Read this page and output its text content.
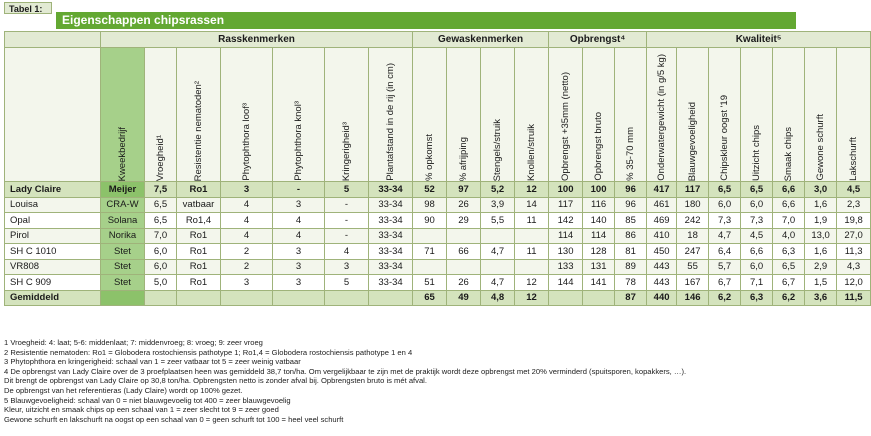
Tabel 1:
Eigenschappen chipsrassen
	Rasskenmerken							Gewaskenmerken				Opbrengst⁴			Kwaliteit⁵						

	Kweekbedrijf	Vroegheid¹	Resistentie nematoden²	Phytophthora loof³	Phytophthora knol³	Kringerigheid³	Plantafstand in de rij (in cm)	% opkomst	% afrijping	Stengels/struik	Knollen/struik	Opbrengst +35mm (netto)	Opbrengst bruto	% 35-70 mm	Onderwatergewicht (in g/5 kg)	Blauwgevoeligheid	Chipskleur oogst '19	Uitzicht chips	Smaak chips	Gewone schurft	Lakschurft

Lady Claire	Meijer	7,5	Ro1	3	-	5	33-34	52	97	5,2	12	100	100	96	417	117	6,5	6,5	6,6	3,0	4,5
Louisa	CRA-W	6,5	vatbaar	4	3	-	33-34	98	26	3,9	14	117	116	96	461	180	6,0	6,0	6,6	1,6	2,3
Opal	Solana	6,5	Ro1,4	4	4	-	33-34	90	29	5,5	11	142	140	85	469	242	7,3	7,3	7,0	1,9	19,8
Pirol	Norika	7,0	Ro1	4	4	-	33-34					114	114	86	410	18	4,7	4,5	4,0	13,0	27,0
SH C 1010	Stet	6,0	Ro1	2	3	4	33-34	71	66	4,7	11	130	128	81	450	247	6,4	6,6	6,3	1,6	11,3
VR808	Stet	6,0	Ro1	2	3	3	33-34					133	131	89	443	55	5,7	6,0	6,5	2,9	4,3
SH C 909	Stet	5,0	Ro1	3	3	5	33-34	51	26	4,7	12	144	141	78	443	167	6,7	7,1	6,7	1,5	12,0
Gemiddeld								65	49	4,8	12			87	440	146	6,2	6,3	6,2	3,6	11,5
1 Vroegheid: 4: laat; 5-6: middenlaat; 7: middenvroeg; 8: vroeg; 9: zeer vroeg
2 Resistentie nematoden: Ro1 = Globodera rostochiensis pathotype 1; Ro1,4 = Globodera rostochiensis pathotype 1 en 4
3 Phytophthora en kringerigheid: schaal van 1 = zeer vatbaar tot 5 = zeer weinig vatbaar
4 De opbrengst van Lady Claire over de 3 proefplaatsen heen was gemiddeld 38,7 ton/ha. Om vergelijkbaar te zijn met de praktijk wordt deze opbrengst met 20% verminderd (spuitsporen, kopakkers, …).
Dit brengt de opbrengst van Lady Claire op 30,8 ton/ha. Opbrengsten netto is zonder afval bij. Opbrengsten bruto is mét afval.
De opbrengst van het referentieras (Lady Claire) wordt op 100% gezet.
5 Blauwgevoeligheid: schaal van 0 = niet blauwgevoelig tot 400 = zeer blauwgevoelig
Kleur, uitzicht en smaak chips op een schaal van 1 = zeer slecht tot 9 = zeer goed
Gewone schurft en lakschurft na oogst op een schaal van 0 = geen schurft tot 100 = heel veel schurft
